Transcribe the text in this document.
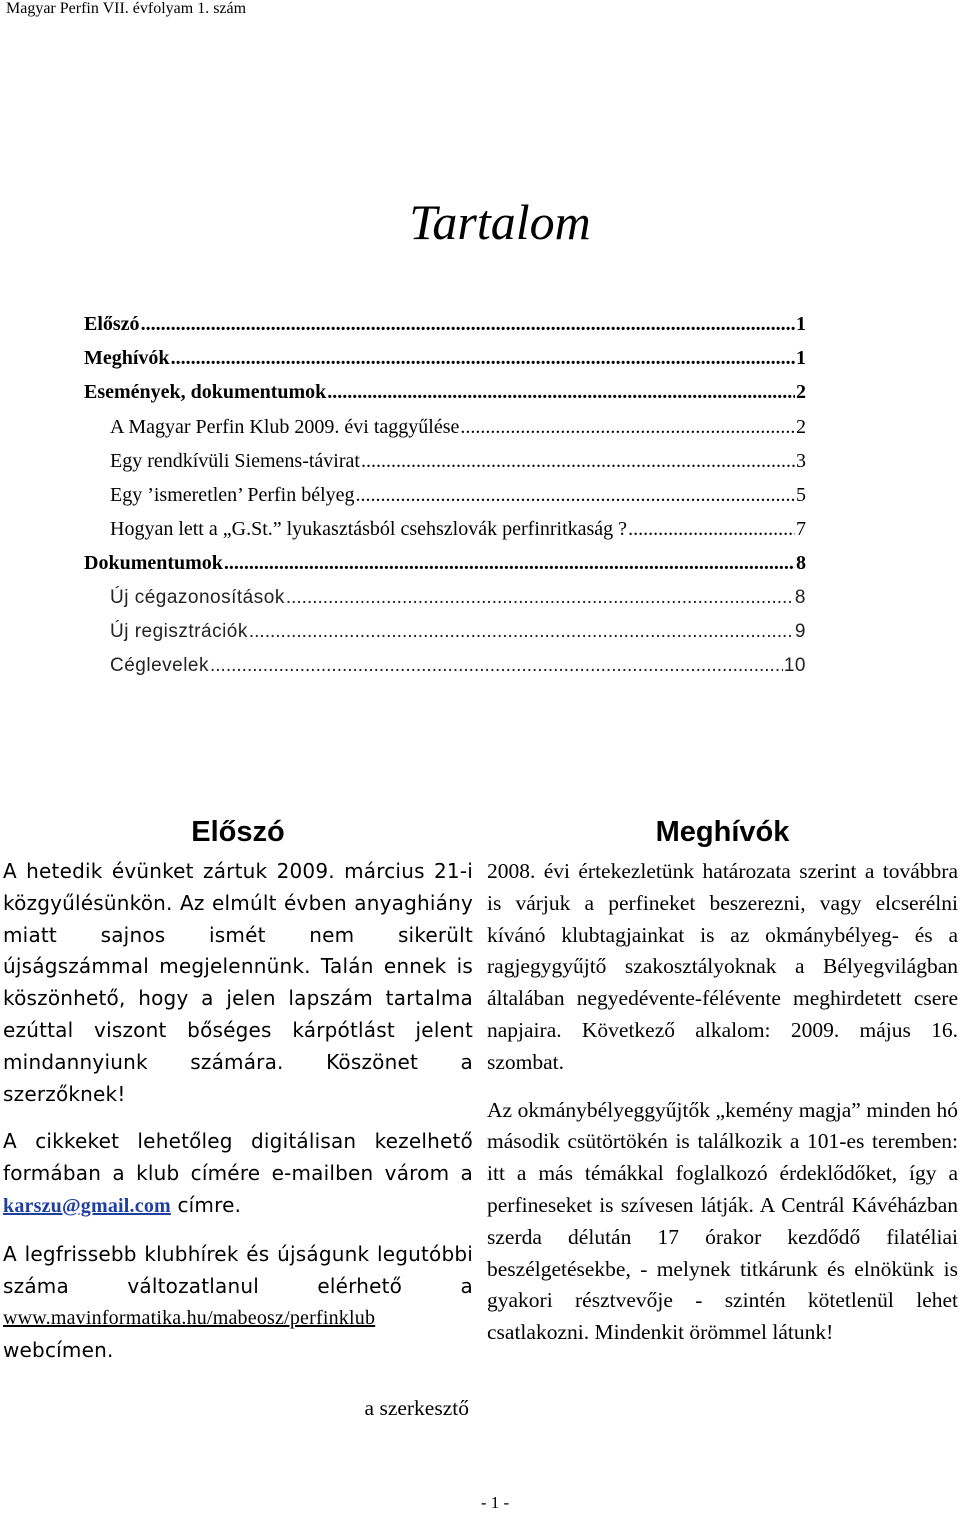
Magyar Perfin VII. évfolyam 1. szám
Tartalom
Előszó .....	1
Meghívók .....	1
Események, dokumentumok .....	2
A Magyar Perfin Klub 2009. évi taggyűlése .....	2
Egy rendkívüli Siemens-távirat .....	3
Egy ’ismeretlen’ Perfin bélyeg .....	5
Hogyan lett a „G.St.” lyukasztásból csehszlovák perfinritkaság ? .....	7
Dokumentumok .....	8
Új cégazonosítások .....	8
Új regisztrációk .....	9
Céglevelek .....	10
Előszó

A hetedik évünket zártuk 2009. március 21-i közgyűlésünkön. Az elmúlt évben anyaghiány miatt sajnos ismét nem sikerült újságszámmal megjelennünk. Talán ennek is köszönhető, hogy a jelen lapszám tartalma ezúttal viszont bőséges kárpótlást jelent mindannyiunk számára. Köszönet a szerzőknek!

A cikkeket lehetőleg digitálisan kezelhető formában a klub címére e-mailben várom a karszu@gmail.com címre.

A legfrissebb klubhírek és újságunk legutóbbi száma változatlanul elérhető a www.mavinformatika.hu/mabeosz/perfinklub webcímen.

a szerkesztő
Meghívók

2008. évi értekezletünk határozata szerint a továbbra is várjuk a perfineket beszerezni, vagy elcserélni kívánó klubtagjainkat is az okmánybélyeg- és a ragjegygyűjtő szakosztályoknak a Bélyegvilágban általában negyedévente-félévente meghirdetett csere napjaira. Következő alkalom: 2009. május 16. szombat.

Az okmánybélyeggyűjtők „kemény magja” minden hó második csütörtökén is találkozik a 101-es teremben: itt a más témákkal foglalkozó érdeklődőket, így a perfineseket is szívesen látják. A Centrál Kávéházban szerda délután 17 órakor kezdődő filatéliai beszélgetésekbe, - melynek titkárunk és elnökünk is gyakori résztvevője - szintén kötetlenül lehet csatlakozni. Mindenkit örömmel látunk!

- 1 -
